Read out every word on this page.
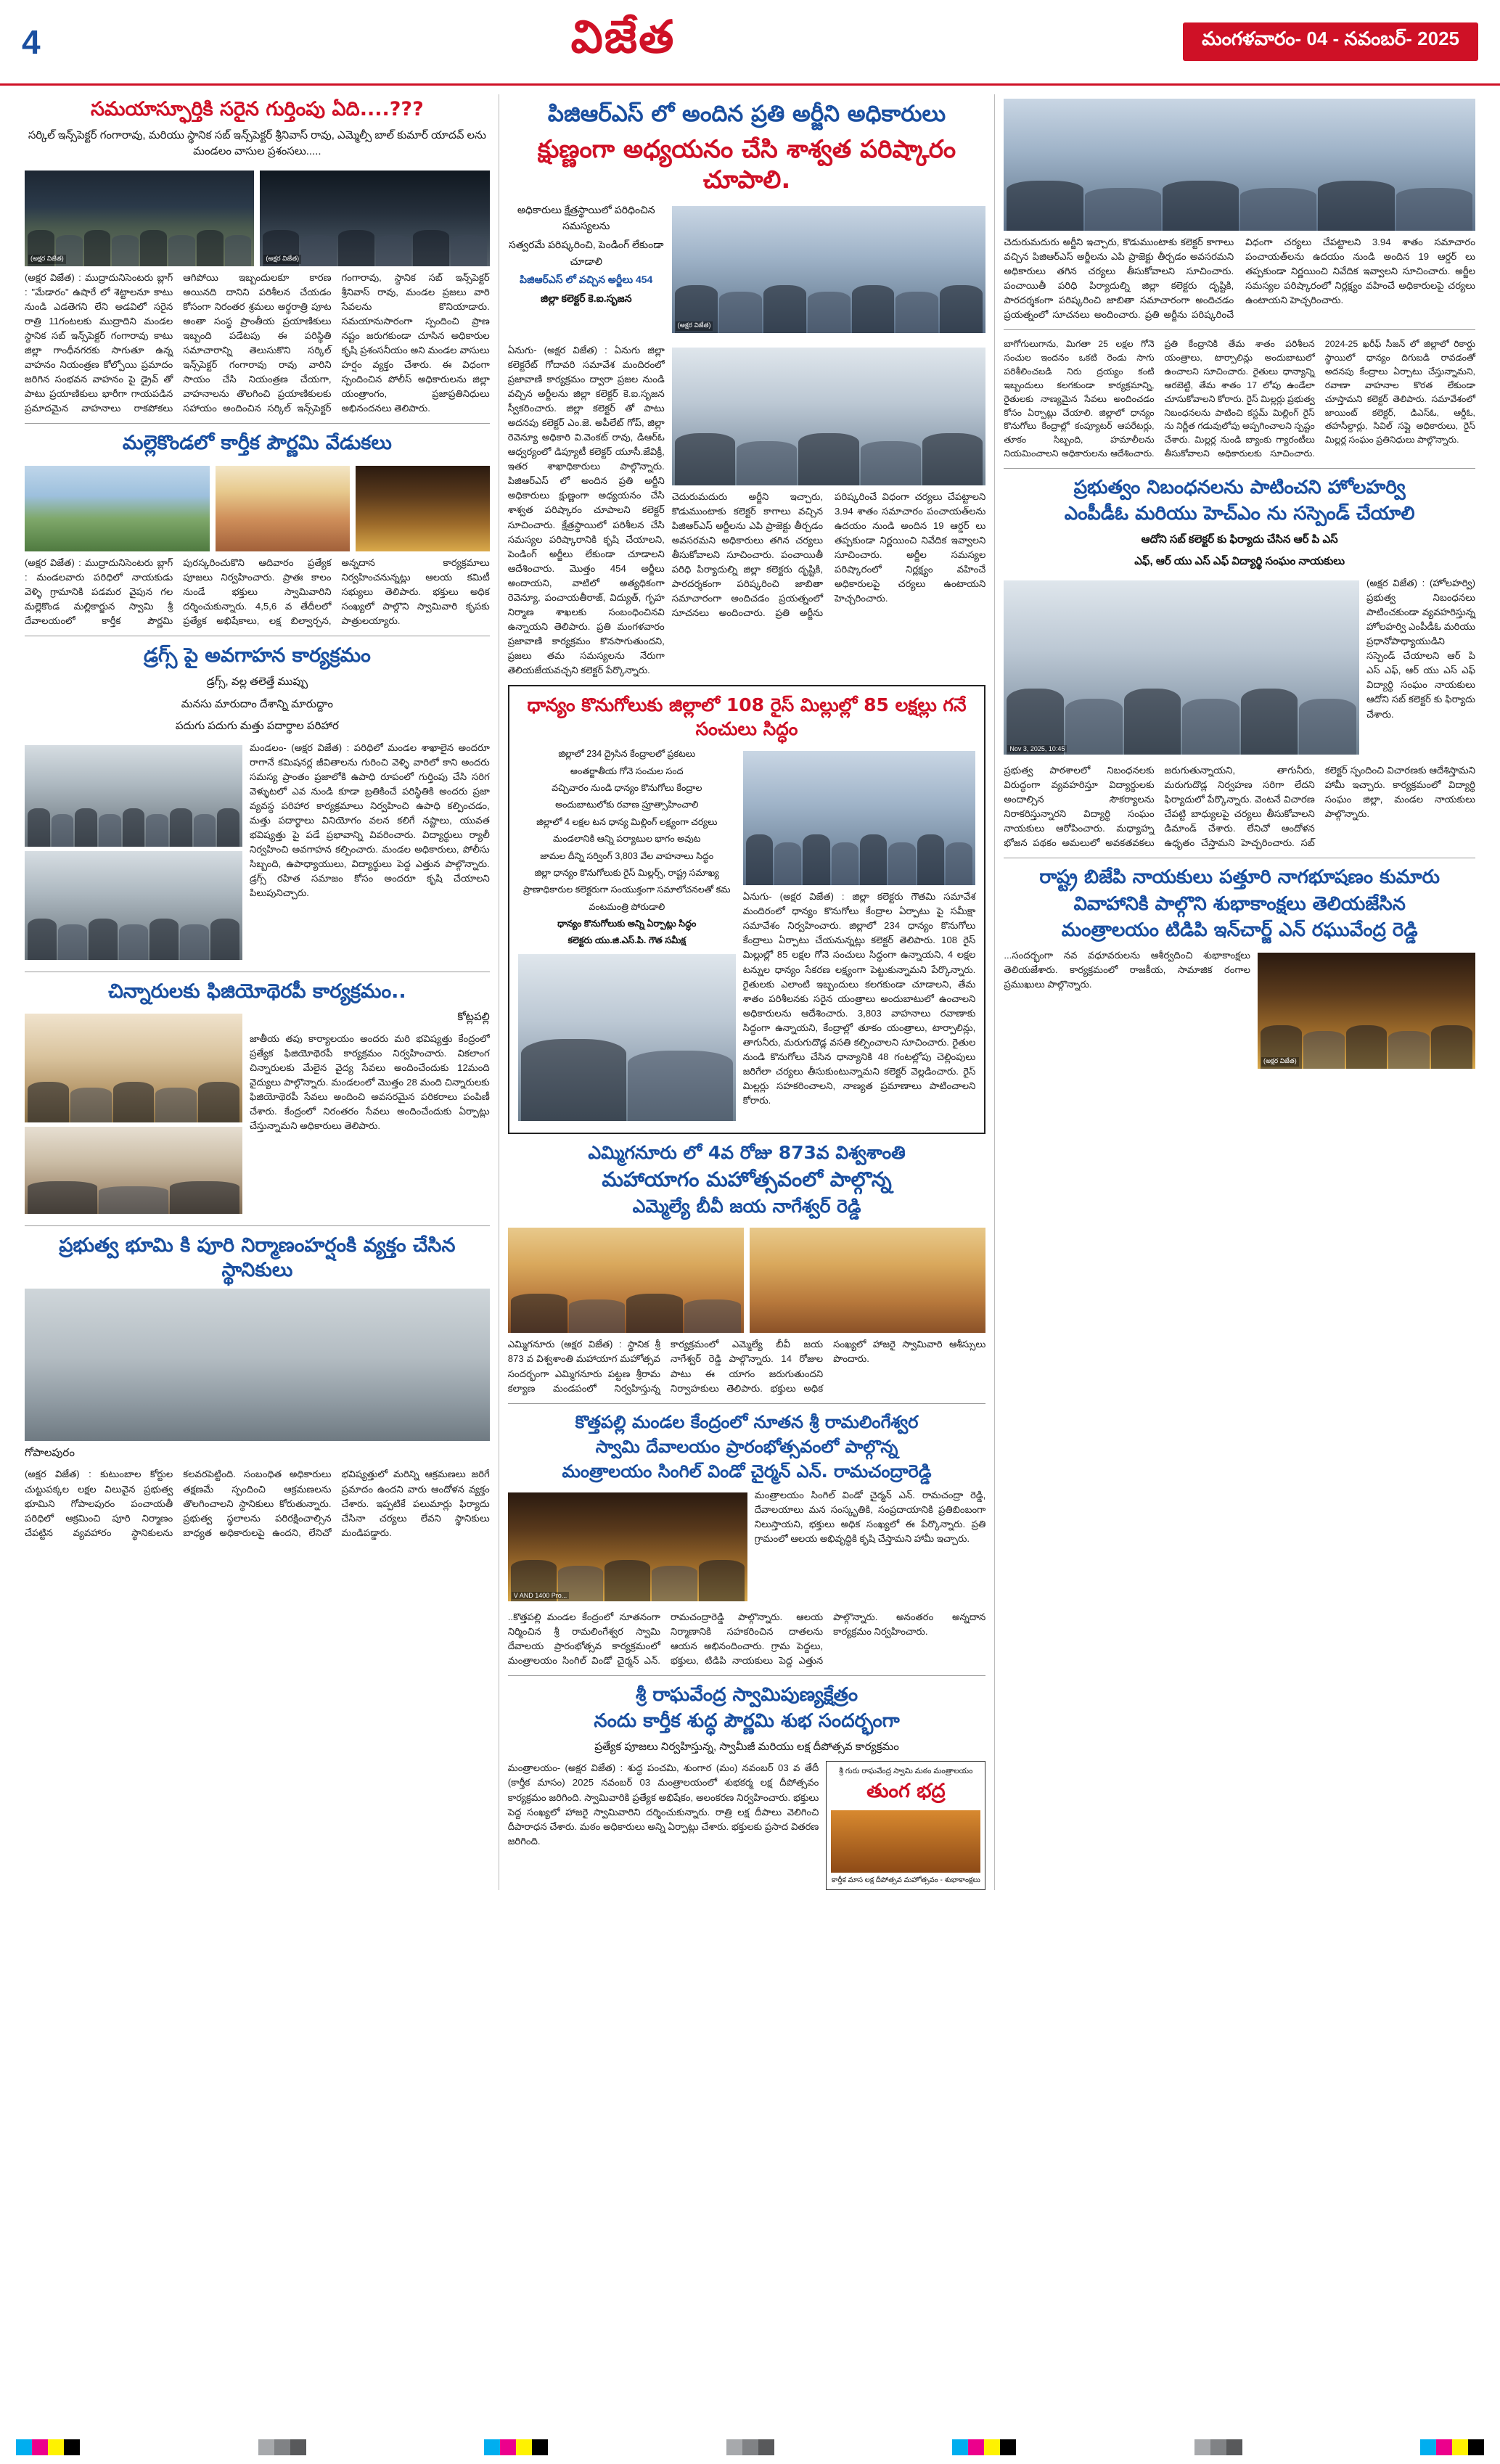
4	విజేత	మంగళవారం- 04 - నవంబర్- 2025
సమయాస్ఫూర్తికి సరైన గుర్తింపు ఏది....???
సర్కిల్ ఇన్స్‌పెక్టర్ గంగారావు, మరియు స్థానిక సబ్ ఇన్స్‌పెక్టర్ శ్రీనివాస్ రావు, ఎమ్మెల్సీ బాల్ కుమార్ యాదవ్ లను మండలం వాసుల ప్రశంసలు.....
(అక్షర విజేత)	(అక్షర విజేత)
(అక్షర విజేత) : ముద్రాదునిసెంటరు బ్లాగ్‌ : "మేడారం" ఉషారే లో శెట్టాలనూ కాటు నుండి ఎడతెగని లేని అడవిలో సరైన రాత్రి 11గంటలకు ముద్రాదిని మండల స్థానిక సబ్ ఇన్స్‌పెక్టర్ గంగారావు కాటు జిల్లా గాంధీనగరకు సాగుతూ ఉన్న వాహనం నియంత్రణ కోల్పోయి ప్రమాదం జరిగిన సంభవన వాహనం పై డ్రైవ్ తో పాటు ప్రయాణికులు భారీగా గాయపడిన ప్రమాదమైన వాహనాలు రాకపోకలు ఆగిపోయి ఇబ్బందులకూ కారణ అయినది దానిని పరిశీలన చేయడం కోసంగా నిరంతర శ్రమలు అర్థరాత్రి పూట అంతా సంస్థ ప్రాంతీయ ప్రయాణికులు ఇబ్బంది పడేటపు ఈ పరిస్థితి సమాచారాన్ని తెలుసుకొని సర్కిల్ ఇన్స్‌పెక్టర్ గంగారావు రావు వారిని సాయం చేసి నియంత్రణ చేయగా, వాహనాలను తొలగించి ప్రయాణికులకు సహాయం అందించిన సర్కిల్ ఇన్స్‌పెక్టర్ గంగారావు, స్థానిక సబ్ ఇన్స్‌పెక్టర్ శ్రీనివాస్ రావు, మండల ప్రజలు వారి సేవలను కొనియాడారు. సమయానుసారంగా స్పందించి ప్రాణ నష్టం జరుగకుండా చూసిన అధికారుల కృషి ప్రశంసనీయం అని మండల వాసులు హర్షం వ్యక్తం చేశారు. ఈ విధంగా స్పందించిన పోలీస్ అధికారులను జిల్లా యంత్రాంగం, ప్రజాప్రతినిధులు అభినందనలు తెలిపారు.
మల్లెకొండలో కార్తీక పౌర్ణమి వేడుకలు
(అక్షర విజేత) : ముద్రాదునిసెంటరు బ్లాగ్‌ : మండలవారు పరిధిలో నాయకుడు వెళ్ళి గ్రామానికి పడమర వైపున గల మల్లెకొండ మల్లికార్జున స్వామి శ్రీ దేవాలయంలో కార్తీక పౌర్ణమి పురస్కరించుకొని ఆదివారం ప్రత్యేక పూజలు నిర్వహించారు. ప్రాతః కాలం నుండే భక్తులు స్వామివారిని దర్శించుకున్నారు. 4,5,6 వ తేదీలలో ప్రత్యేక అభిషేకాలు, లక్ష బిల్వార్చన, అన్నదాన కార్యక్రమాలు నిర్వహించనున్నట్లు ఆలయ కమిటీ సభ్యులు తెలిపారు. భక్తులు అధిక సంఖ్యలో పాల్గొని స్వామివారి కృపకు పాత్రులయ్యారు.
డ్రగ్స్ పై అవగాహన కార్యక్రమం
డ్రగ్స్, వల్ల తలెత్తే ముప్పు
మనసు మారుదాం దేశాన్ని మారుద్దాం
పదుగు పదుగు మత్తు పదార్థాల పరిహార
మండలం- (అక్షర విజేత) : పరిధిలో మండల శాఖాలైన అందరూ రాగానే కమిషనర్ల జీవితాలను గురించి వెళ్ళి వారిలో కాని అందరు సమస్య ప్రాంతం ప్రజాలోకి ఉపాధి రూపంలో గుర్తింపు చేసి సరిగ వెళ్ళుటలో ఎవ నుండి కూడా బ్రతికించే పరిస్థితికి అందరు ప్రజా వ్యవస్థ పరిహార కార్యక్రమాలు నిర్వహించి ఉపాధి కల్పించడం, మత్తు పదార్థాలు వినియోగం వలన కలిగే నష్టాలు, యువత భవిష్యత్తు పై పడే ప్రభావాన్ని వివరించారు. విద్యార్థులు ర్యాలీ నిర్వహించి అవగాహన కల్పించారు. మండల అధికారులు, పోలీసు సిబ్బంది, ఉపాధ్యాయులు, విద్యార్థులు పెద్ద ఎత్తున పాల్గొన్నారు. డ్రగ్స్ రహిత సమాజం కోసం అందరూ కృషి చేయాలని పిలుపునిచ్చారు.
చిన్నారులకు ఫిజియోథెరపీ కార్యక్రమం..
కోట్లపల్లి
జాతీయ తపు కార్యాలయం అందరు మరి భవిష్యత్తు కేంద్రంలో ప్రత్యేక ఫిజియోథెరపీ కార్యక్రమం నిర్వహించారు. వికలాంగ చిన్నారులకు మేలైన వైద్య సేవలు అందించేందుకు 12మంది వైద్యులు పాల్గొన్నారు. మండలంలో మొత్తం 28 మంది చిన్నారులకు ఫిజియోథెరపీ సేవలు అందించి అవసరమైన పరికరాలు పంపిణీ చేశారు. కేంద్రంలో నిరంతరం సేవలు అందించేందుకు ఏర్పాట్లు చేస్తున్నామని అధికారులు తెలిపారు.
ప్రభుత్వ భూమి కి పూరి నిర్మాణంహర్షంకి వ్యక్తం చేసిన స్థానికులు
గోపాలపురం
(అక్షర విజేత) : కుటుంబాల కోర్టుల చుట్టుపక్కల లక్షల విలువైన ప్రభుత్వ భూమిని గోపాలపురం పంచాయతీ పరిధిలో ఆక్రమించి పూరి నిర్మాణం చేపట్టిన వ్యవహారం స్థానికులను కలవరపెట్టింది. సంబంధిత అధికారులు తక్షణమే స్పందించి ఆక్రమణలను తొలగించాలని స్థానికులు కోరుతున్నారు. ప్రభుత్వ స్థలాలను పరిరక్షించాల్సిన బాధ్యత అధికారులపై ఉందని, లేనిచో భవిష్యత్తులో మరిన్ని ఆక్రమణలు జరిగే ప్రమాదం ఉందని వారు ఆందోళన వ్యక్తం చేశారు. ఇప్పటికే పలుమార్లు ఫిర్యాదు చేసినా చర్యలు లేవని స్థానికులు మండిపడ్డారు.
పిజిఆర్ఎస్ లో అందిన ప్రతి అర్జీని అధికారులు
క్షుణ్ణంగా అధ్యయనం చేసి శాశ్వత పరిష్కారం చూపాలి.
అధికారులు క్షేత్రస్థాయిలో పరిధించిన సమస్యలను
సత్వరమే పరిష్కరించి, పెండింగ్ లేకుండా చూడాలి
పిజిఆర్ఎస్ లో వచ్చిన అర్జీలు 454
జిల్లా కలెక్టర్ కె.ఐ.సృజన
(అక్షర విజేత)
ఏనుగు- (అక్షర విజేత) : ఏనుగు జిల్లా కలెక్టరేట్ గోదావరి సమావేశ మందిరంలో ప్రజావాణి కార్యక్రమం ద్వారా ప్రజల నుండి వచ్చిన అర్జీలను జిల్లా కలెక్టర్ కె.ఐ.సృజన స్వీకరించారు. జిల్లా కలెక్టర్ తో పాటు అదనపు కలెక్టర్ ఎం.జె. అపీలేట్ గోప్, జిల్లా రెవెన్యూ అధికారి వి.వెంకట్ రావు, డిఆర్ఓ ఆధ్వర్యంలో డిప్యూటీ కలెక్టర్ యూసీ.జేవిక్రీ, ఇతర శాఖాధికారులు పాల్గొన్నారు. పిజిఆర్ఎస్ లో అందిన ప్రతి అర్జీని అధికారులు క్షుణ్ణంగా అధ్యయనం చేసి శాశ్వత పరిష్కారం చూపాలని కలెక్టర్ సూచించారు. క్షేత్రస్థాయిలో పరిశీలన చేసి సమస్యల పరిష్కారానికి కృషి చేయాలని, పెండింగ్ అర్జీలు లేకుండా చూడాలని ఆదేశించారు. మొత్తం 454 అర్జీలు అందాయని, వాటిలో అత్యధికంగా రెవెన్యూ, పంచాయతీరాజ్, విద్యుత్, గృహ నిర్మాణ శాఖలకు సంబంధించినవి ఉన్నాయని తెలిపారు. ప్రతి మంగళవారం ప్రజావాణి కార్యక్రమం కొనసాగుతుందని, ప్రజలు తమ సమస్యలను నేరుగా తెలియజేయవచ్చని కలెక్టర్ పేర్కొన్నారు.
చెదురుమదురు అర్జీని ఇచ్చారు, కొడుముంటాకు కలెక్టర్ కాగాలు వచ్చిన పిజిఆర్ఎస్ అర్జీలను ఎపి ప్రాజెక్టు తీర్చడం అవసరమని అధికారులు తగిన చర్యలు తీసుకోవాలని సూచించారు. పంచాయితీ పరిధి పిర్యాదుల్ని జిల్లా కలెక్టరు దృష్టికి, పారదర్శకంగా పరిష్కరించి జాబితా సమాచారంగా అందిచడం ప్రయత్నంలో సూచనలు అందించారు. ప్రతి అర్జీను పరిష్కరించే విధంగా చర్యలు చేపట్టాలని 3.94 శాతం సమాచారం పంచాయత్‌లను ఉదయం నుండి అందిన 19 ఆర్డర్ లు తప్పకుండా నిర్ణయించి నివేదిక ఇవ్వాలని సూచించారు. అర్జీల సమస్యల పరిష్కారంలో నిర్లక్ష్యం వహించే అధికారులపై చర్యలు ఉంటాయని హెచ్చరించారు.
ధాన్యం కొనుగోలుకు జిల్లాలో 108 రైస్ మిల్లుల్లో 85 లక్షల్లు గనే సంచులు సిద్ధం
జిల్లాలో 234 ద్రైసిన కేంద్రాలలో ప్రకటలు
అంతర్జాతీయ గోనె సంచుల సంద
వచ్చివారం నుండి ధాన్యం కొనుగోలు కేంద్రాల
అందుబాటులోకు రవాణ ప్రూత్సాహించాలి
జిల్లాలో 4 లక్షల టన ధాన్య మిల్లింగ్ లక్ష్యంగా చర్యలు
మండలానికి ఆన్ని పర్యాటుల భాగం అవుట
జామల దీన్ని సర్వింగ్ 3,803 వేల వాహనాలు సిద్ధం
జిల్లా ధాన్యం కొనుగోలుకు రైస్ మిల్లర్స్, రాష్ట్ర సమాఖ్య
ప్రాణాధికారుల కలెక్టరుగా సంయుక్తంగా సమాలోచనలతో కమ
వంటమంత్రి పోరుడాలి
ధాన్యం కొనుగోలుకు అన్ని ఏర్పాట్లు సిద్ధం
కలెక్టరు యు.జి.ఎస్.పి. గౌత సమీక్ష
ఏనుగు- (అక్షర విజేత) : జిల్లా కలెక్టరు గౌతమి సమావేశ మందిరంలో ధాన్యం కొనుగోలు కేంద్రాల ఏర్పాటు పై సమీక్షా సమావేశం నిర్వహించారు. జిల్లాలో 234 ధాన్యం కొనుగోలు కేంద్రాలు ఏర్పాటు చేయనున్నట్లు కలెక్టర్ తెలిపారు. 108 రైస్ మిల్లుల్లో 85 లక్షల గోనె సంచులు సిద్ధంగా ఉన్నాయని, 4 లక్షల టన్నుల ధాన్యం సేకరణ లక్ష్యంగా పెట్టుకున్నామని పేర్కొన్నారు. రైతులకు ఎలాంటి ఇబ్బందులు కలగకుండా చూడాలని, తేమ శాతం పరిశీలనకు సరైన యంత్రాలు అందుబాటులో ఉంచాలని అధికారులను ఆదేశించారు. 3,803 వాహనాలు రవాణాకు సిద్ధంగా ఉన్నాయని, కేంద్రాల్లో తూకం యంత్రాలు, టార్పాలిన్లు, తాగునీరు, మరుగుదొడ్ల వసతి కల్పించాలని సూచించారు. రైతుల నుండి కొనుగోలు చేసిన ధాన్యానికి 48 గంటల్లోపు చెల్లింపులు జరిగేలా చర్యలు తీసుకుంటున్నామని కలెక్టర్ వెల్లడించారు. రైస్ మిల్లర్లు సహకరించాలని, నాణ్యత ప్రమాణాలు పాటించాలని కోరారు.
ఎమ్మిగనూరు లో 4వ రోజు 873వ విశ్వశాంతి
మహాయాగం మహోత్సవంలో పాల్గొన్న
ఎమ్మెల్యే బీవీ జయ నాగేశ్వర్ రెడ్డి
ఎమ్మిగనూరు (అక్షర విజేత) : స్థానిక శ్రీ 873 వ విశ్వశాంతి మహాయాగ మహోత్సవ సందర్భంగా ఎమ్మిగనూరు పట్టణ శ్రీరామ కల్యాణ మండపంలో నిర్వహిస్తున్న కార్యక్రమంలో ఎమ్మెల్యే బీవీ జయ నాగేశ్వర్ రెడ్డి పాల్గొన్నారు. 14 రోజుల పాటు ఈ యాగం జరుగుతుందని నిర్వాహకులు తెలిపారు. భక్తులు అధిక సంఖ్యలో హాజరై స్వామివారి ఆశీస్సులు పొందారు.
కొత్తపల్లి మండల కేంద్రంలో నూతన శ్రీ రామలింగేశ్వర
స్వామి దేవాలయం ప్రారంభోత్సవంలో పాల్గొన్న
మంత్రాలయం సింగిల్ విండో చైర్మన్ ఎన్. రామచంద్రారెడ్డి
V AND 1400 Pro...
మంత్రాలయం సింగిల్ విండో చైర్మన్ ఎన్. రామచంద్రా రెడ్డి, దేవాలయాలు మన సంస్కృతికి, సంప్రదాయానికి ప్రతిబింబంగా నిలుస్తాయని, భక్తులు అధిక సంఖ్యలో ఈ పేర్కొన్నారు. ప్రతి గ్రామంలో ఆలయ అభివృద్ధికి కృషి చేస్తామని హామీ ఇచ్చారు.
..కొత్తపల్లి మండల కేంద్రంలో నూతనంగా నిర్మించిన శ్రీ రామలింగేశ్వర స్వామి దేవాలయ ప్రారంభోత్సవ కార్యక్రమంలో మంత్రాలయం సింగిల్ విండో చైర్మన్ ఎన్. రామచంద్రారెడ్డి పాల్గొన్నారు. ఆలయ నిర్మాణానికి సహకరించిన దాతలను ఆయన అభినందించారు. గ్రామ పెద్దలు, భక్తులు, టిడిపి నాయకులు పెద్ద ఎత్తున పాల్గొన్నారు. అనంతరం అన్నదాన కార్యక్రమం నిర్వహించారు.
శ్రీ రాఘవేంద్ర స్వామిపుణ్యక్షేత్రం
నందు కార్తీక శుద్ధ పౌర్ణమి శుభ సందర్భంగా
ప్రత్యేక పూజలు నిర్వహిస్తున్న, స్వామీజీ మరియు లక్ష దీపోత్సవ కార్యక్రమం
మంత్రాలయం- (అక్షర విజేత) : శుద్ధ పంచమి, శుంగార (మం) నవంబర్ 03 వ తేదీ (కార్తీక మాసం) 2025 నవంబర్ 03 మంత్రాలయంలో శుభకర్మ లక్ష దీపోత్సవం కార్యక్రమం జరిగింది. స్వామివారికి ప్రత్యేక అభిషేకం, అలంకరణ నిర్వహించారు. భక్తులు పెద్ద సంఖ్యలో హాజరై స్వామివారిని దర్శించుకున్నారు. రాత్రి లక్ష దీపాలు వెలిగించి దీపారాధన చేశారు. మఠం అధికారులు అన్ని ఏర్పాట్లు చేశారు. భక్తులకు ప్రసాద వితరణ జరిగింది.
శ్రీ గురు రాఘవేంద్ర స్వామి మఠం మంత్రాలయం
తుంగ భద్ర
కార్తీక మాస లక్ష దీపోత్సవ మహోత్సవం - శుభాకాంక్షలు
చెదురుమదురు అర్జీని ఇచ్చారు, కొడుముంటాకు కలెక్టర్ కాగాలు వచ్చిన పిజిఆర్ఎస్ అర్జీలను ఎపి ప్రాజెక్టు తీర్చడం అవసరమని అధికారులు తగిన చర్యలు తీసుకోవాలని సూచించారు. పంచాయితీ పరిధి పిర్యాదుల్ని జిల్లా కలెక్టరు దృష్టికి, పారదర్శకంగా పరిష్కరించి జాబితా సమాచారంగా అందిచడం ప్రయత్నంలో సూచనలు అందించారు. ప్రతి అర్జీను పరిష్కరించే విధంగా చర్యలు చేపట్టాలని 3.94 శాతం సమాచారం పంచాయత్‌లను ఉదయం నుండి అందిన 19 ఆర్డర్ లు తప్పకుండా నిర్ణయించి నివేదిక ఇవ్వాలని సూచించారు. అర్జీల సమస్యల పరిష్కారంలో నిర్లక్ష్యం వహించే అధికారులపై చర్యలు ఉంటాయని హెచ్చరించారు.
బాగోగులుగాను, మిగతా 25 లక్షల గోనె సంచుల ఇందనం ఒకటి రెండు సాగు పరిశీలించబడి నిరు ద్రయ్యం కంటి ఇబ్బందులు కలగకుండా కార్యక్రమాన్ని, రైతులకు నాణ్యమైన సేవలు అందించడం కోసం ఏర్పాట్లు చేయాలి. జిల్లాలో ధాన్యం కొనుగోలు కేంద్రాల్లో కంప్యూటర్ ఆపరేటర్లు, తూకం సిబ్బంది, హమాలీలను నియమించాలని అధికారులను ఆదేశించారు. ప్రతి కేంద్రానికి తేమ శాతం పరిశీలన యంత్రాలు, టార్పాలిన్లు అందుబాటులో ఉంచాలని సూచించారు. రైతులు ధాన్యాన్ని ఆరబెట్టి, తేమ శాతం 17 లోపు ఉండేలా చూసుకోవాలని కోరారు. రైస్ మిల్లర్లు ప్రభుత్వ నిబంధనలను పాటించి కస్టమ్ మిల్లింగ్ రైస్ ను నిర్ణీత గడువులోపు అప్పగించాలని స్పష్టం చేశారు. మిల్లర్ల నుండి బ్యాంకు గ్యారంటీలు తీసుకోవాలని అధికారులకు సూచించారు. 2024-25 ఖరీఫ్ సీజన్ లో జిల్లాలో రికార్డు స్థాయిలో ధాన్యం దిగుబడి రావడంతో అదనపు కేంద్రాలు ఏర్పాటు చేస్తున్నామని, రవాణా వాహనాల కొరత లేకుండా చూస్తామని కలెక్టర్ తెలిపారు. సమావేశంలో జాయింట్ కలెక్టర్, డిఎస్ఓ, ఆర్డీఓ, తహసీల్దార్లు, సివిల్ సప్లై అధికారులు, రైస్ మిల్లర్ల సంఘం ప్రతినిధులు పాల్గొన్నారు.
ప్రభుత్వం నిబంధనలను పాటించని హోలహర్వి
ఎంపీడీఓ మరియు హెచ్ఎం ను సస్పెండ్ చేయాలి
ఆదోని సబ్ కలెక్టర్ కు ఫిర్యాదు చేసిన ఆర్ పి ఎస్
ఎఫ్, ఆర్ యు ఎస్ ఎఫ్ విద్యార్థి సంఘం నాయకులు
Nov 3, 2025, 10:45
(అక్షర విజేత) : (హోలహర్వి) ప్రభుత్వ నిబంధనలు పాటించకుండా వ్యవహరిస్తున్న హోలహర్వి ఎంపీడీఓ మరియు ప్రధానోపాధ్యాయుడిని సస్పెండ్ చేయాలని ఆర్ పి ఎస్ ఎఫ్, ఆర్ యు ఎస్ ఎఫ్ విద్యార్థి సంఘం నాయకులు ఆదోని సబ్ కలెక్టర్ కు ఫిర్యాదు చేశారు.
ప్రభుత్వ పాఠశాలలో నిబంధనలకు విరుద్ధంగా వ్యవహరిస్తూ విద్యార్థులకు అందాల్సిన సౌకర్యాలను నిరాకరిస్తున్నారని విద్యార్థి సంఘం నాయకులు ఆరోపించారు. మధ్యాహ్న భోజన పథకం అమలులో అవకతవకలు జరుగుతున్నాయని, తాగునీరు, మరుగుదొడ్ల నిర్వహణ సరిగా లేదని ఫిర్యాదులో పేర్కొన్నారు. వెంటనే విచారణ చేపట్టి బాధ్యులపై చర్యలు తీసుకోవాలని డిమాండ్ చేశారు. లేనిచో ఆందోళన ఉధృతం చేస్తామని హెచ్చరించారు. సబ్ కలెక్టర్ స్పందించి విచారణకు ఆదేశిస్తామని హామీ ఇచ్చారు. కార్యక్రమంలో విద్యార్థి సంఘం జిల్లా, మండల నాయకులు పాల్గొన్నారు.
రాష్ట్ర బిజేపి నాయకులు పత్తూరి నాగభూషణం కుమారు
వివాహానికి పాల్గొని శుభాకాంక్షలు తెలియజేసిన
మంత్రాలయం టిడిపి ఇన్‌చార్జ్ ఎన్ రఘువేంద్ర రెడ్డి
...సందర్భంగా నవ వధూవరులను ఆశీర్వదించి శుభాకాంక్షలు తెలియజేశారు. కార్యక్రమంలో రాజకీయ, సామాజిక రంగాల ప్రముఖులు పాల్గొన్నారు.
(అక్షర విజేత)
